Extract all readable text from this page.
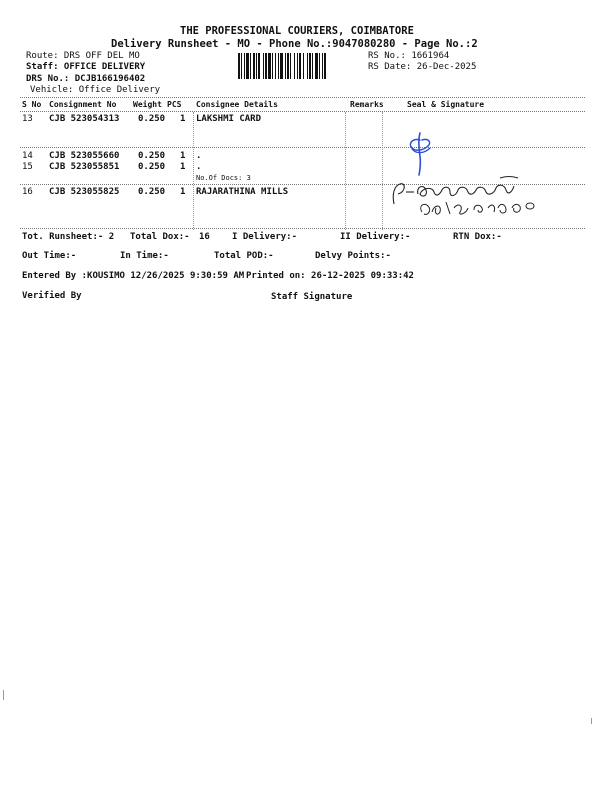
THE PROFESSIONAL COURIERS, COIMBATORE
Delivery Runsheet - MO - Phone No.:9047080280 - Page No.:2
Route: DRS OFF DEL MO
Staff: OFFICE DELIVERY
DRS No.: DCJB166196402
Vehicle: Office Delivery
RS No.: 1661964
RS Date: 26-Dec-2025
S No Consignment No Weight PCS Consignee Details	Remarks	Seal & Signature
13 CJB 523054313 0.250 1 LAKSHMI CARD
14 CJB 523055660 0.250 1 .
15 CJB 523055851 0.250 1 .
No.Of Docs: 3
16 CJB 523055825 0.250 1 RAJARATHINA MILLS
Tot. Runsheet:- 2 Total Dox:- 16 I Delivery:-	II Delivery:-	RTN Dox:-
Out Time:-	In Time:-	Total POD:-	Delvy Points:-
Entered By :KOUSIMO 12/26/2025 9:30:59 AM Printed on: 26-12-2025 09:33:42
Verified By	Staff Signature
